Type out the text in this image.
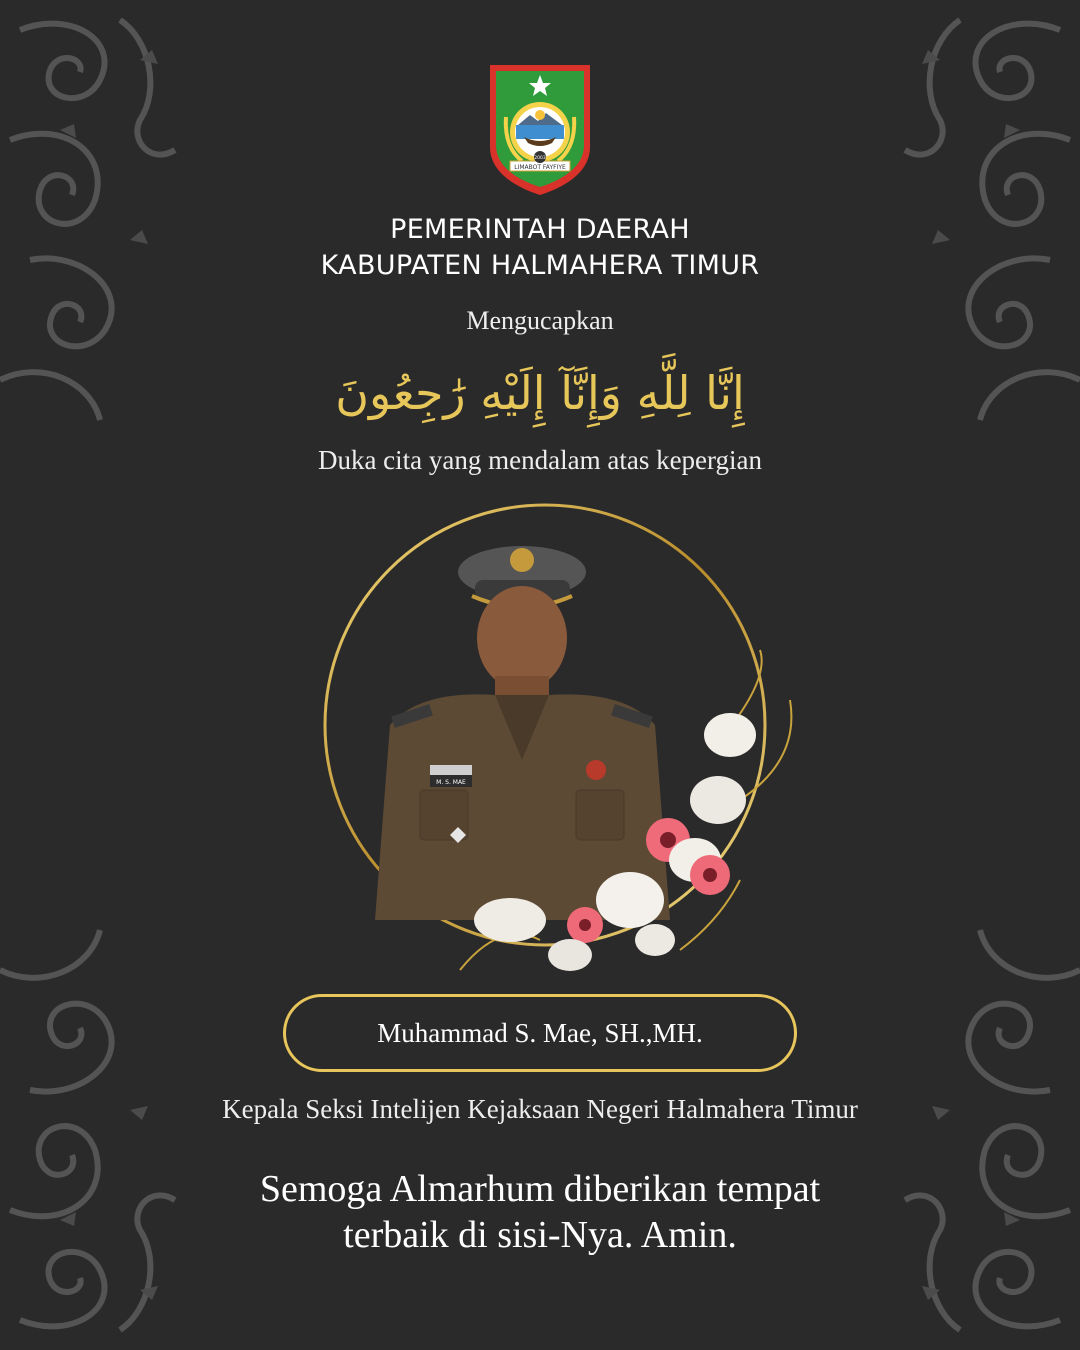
LIMABOT FAYFIYE
2003
PEMERINTAH DAERAH
KABUPATEN HALMAHERA TIMUR
Mengucapkan
إِنَّا لِلَّهِ وَإِنَّآ إِلَيْهِ رَٰجِعُونَ
Duka cita yang mendalam atas kepergian
M. S. MAE
Muhammad S. Mae, SH.,MH.
Kepala Seksi Intelijen Kejaksaan Negeri Halmahera Timur
Semoga Almarhum diberikan tempat
terbaik di sisi-Nya. Amin.
